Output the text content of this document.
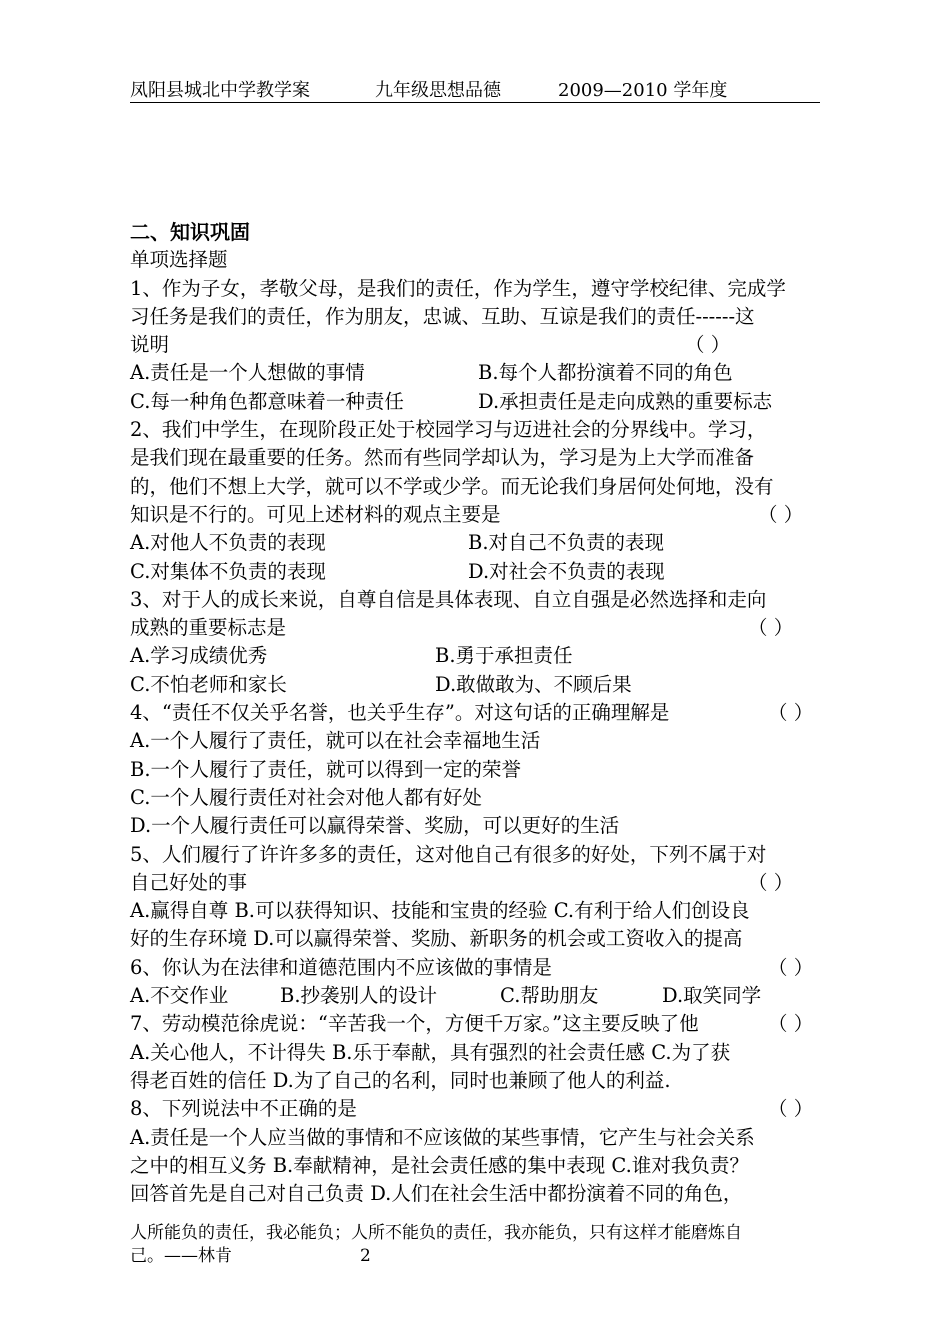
凤阳县城北中学教学案	九年级思想品德	2009—2010 学年度
二、知识巩固
单项选择题
1、作为子女，孝敬父母，是我们的责任，作为学生，遵守学校纪律、完成学
习任务是我们的责任，作为朋友，忠诚、互助、互谅是我们的责任------这
说明	（ ）
A.责任是一个人想做的事情	B.每个人都扮演着不同的角色
C.每一种角色都意味着一种责任	D.承担责任是走向成熟的重要标志
2、我们中学生，在现阶段正处于校园学习与迈进社会的分界线中。学习，
是我们现在最重要的任务。然而有些同学却认为，学习是为上大学而准备
的，他们不想上大学，就可以不学或少学。而无论我们身居何处何地，没有
知识是不行的。可见上述材料的观点主要是	（ ）
A.对他人不负责的表现	B.对自己不负责的表现
C.对集体不负责的表现	D.对社会不负责的表现
3、对于人的成长来说，自尊自信是具体表现、自立自强是必然选择和走向
成熟的重要标志是	（ ）
A.学习成绩优秀	B.勇于承担责任
C.不怕老师和家长	D.敢做敢为、不顾后果
4、“责任不仅关乎名誉，也关乎生存”。对这句话的正确理解是	（ ）
A.一个人履行了责任，就可以在社会幸福地生活
B.一个人履行了责任，就可以得到一定的荣誉
C.一个人履行责任对社会对他人都有好处
D.一个人履行责任可以赢得荣誉、奖励，可以更好的生活
5、人们履行了许许多多的责任，这对他自己有很多的好处，下列不属于对
自己好处的事	（ ）
A.赢得自尊 B.可以获得知识、技能和宝贵的经验 C.有利于给人们创设良
好的生存环境 D.可以赢得荣誉、奖励、新职务的机会或工资收入的提高
6、你认为在法律和道德范围内不应该做的事情是	（ ）
A.不交作业	B.抄袭别人的设计	C.帮助朋友	D.取笑同学
7、劳动模范徐虎说：“辛苦我一个，方便千万家。”这主要反映了他	（ ）
A.关心他人，不计得失 B.乐于奉献，具有强烈的社会责任感 C.为了获
得老百姓的信任 D.为了自己的名利，同时也兼顾了他人的利益.
8、下列说法中不正确的是	（ ）
A.责任是一个人应当做的事情和不应该做的某些事情，它产生与社会关系
之中的相互义务 B.奉献精神，是社会责任感的集中表现 C.谁对我负责？
回答首先是自己对自己负责 D.人们在社会生活中都扮演着不同的角色，
人所能负的责任，我必能负；人所不能负的责任，我亦能负，只有这样才能磨炼自
己。——林肯	2
